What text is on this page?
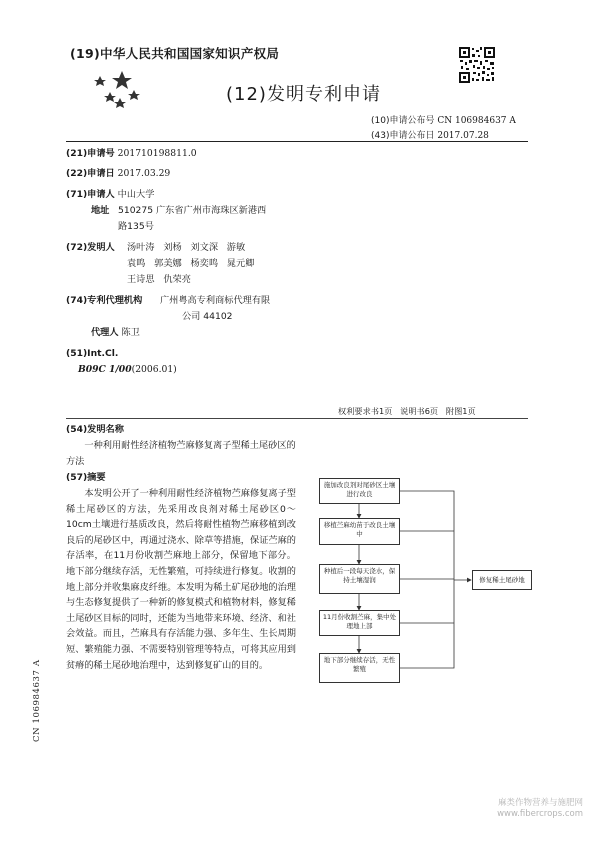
(19)中华人民共和国国家知识产权局
(12)发明专利申请
(10)申请公布号 CN 106984637 A
(43)申请公布日 2017.07.28
(21)申请号 201710198811.0
(22)申请日 2017.03.29
(71)申请人 中山大学
地址 510275 广东省广州市海珠区新港西
路135号
(72)发明人 汤叶涛   刘杨   刘文深   游敏
袁鸣   郭美娜   杨奕鸣   晁元卿
王诗思   仇荣亮
(74)专利代理机构 广州粤高专利商标代理有限
公司 44102
代理人 陈卫
(51)Int.Cl.
B09C 1/00(2006.01)
权利要求书1页   说明书6页   附图1页
(54)发明名称
一种利用耐性经济植物苎麻修复离子型稀土尾砂区的方法
(57)摘要
本发明公开了一种利用耐性经济植物苎麻修复离子型稀土尾砂区的方法，先采用改良剂对稀土尾砂区0～10cm土壤进行基质改良，然后将耐性植物苎麻移植到改良后的尾砂区中，再通过浇水、除草等措施，保证苎麻的存活率，在11月份收割苎麻地上部分，保留地下部分。地下部分继续存活，无性繁殖，可持续进行修复。收割的地上部分并收集麻皮纤维。本发明为稀土矿尾砂地的治理与生态修复提供了一种新的修复模式和植物材料，修复稀土尾砂区目标的同时，还能为当地带来环境、经济、和社会效益。而且，苎麻具有存活能力强、多年生、生长周期短、繁殖能力强、不需要特别管理等特点，可将其应用到贫瘠的稀土尾砂地治理中，达到修复矿山的目的。
施加改良剂对尾砂区土壤进行改良
移植苎麻幼苗于改良土壤中
种植后一段每天浇水，保持土壤湿润
11月份收割苎麻，集中处理地上部
地下部分继续存活，无性繁殖
修复稀土尾砂地
CN 106984637 A
麻类作物营养与施肥网
www.fibercrops.com
